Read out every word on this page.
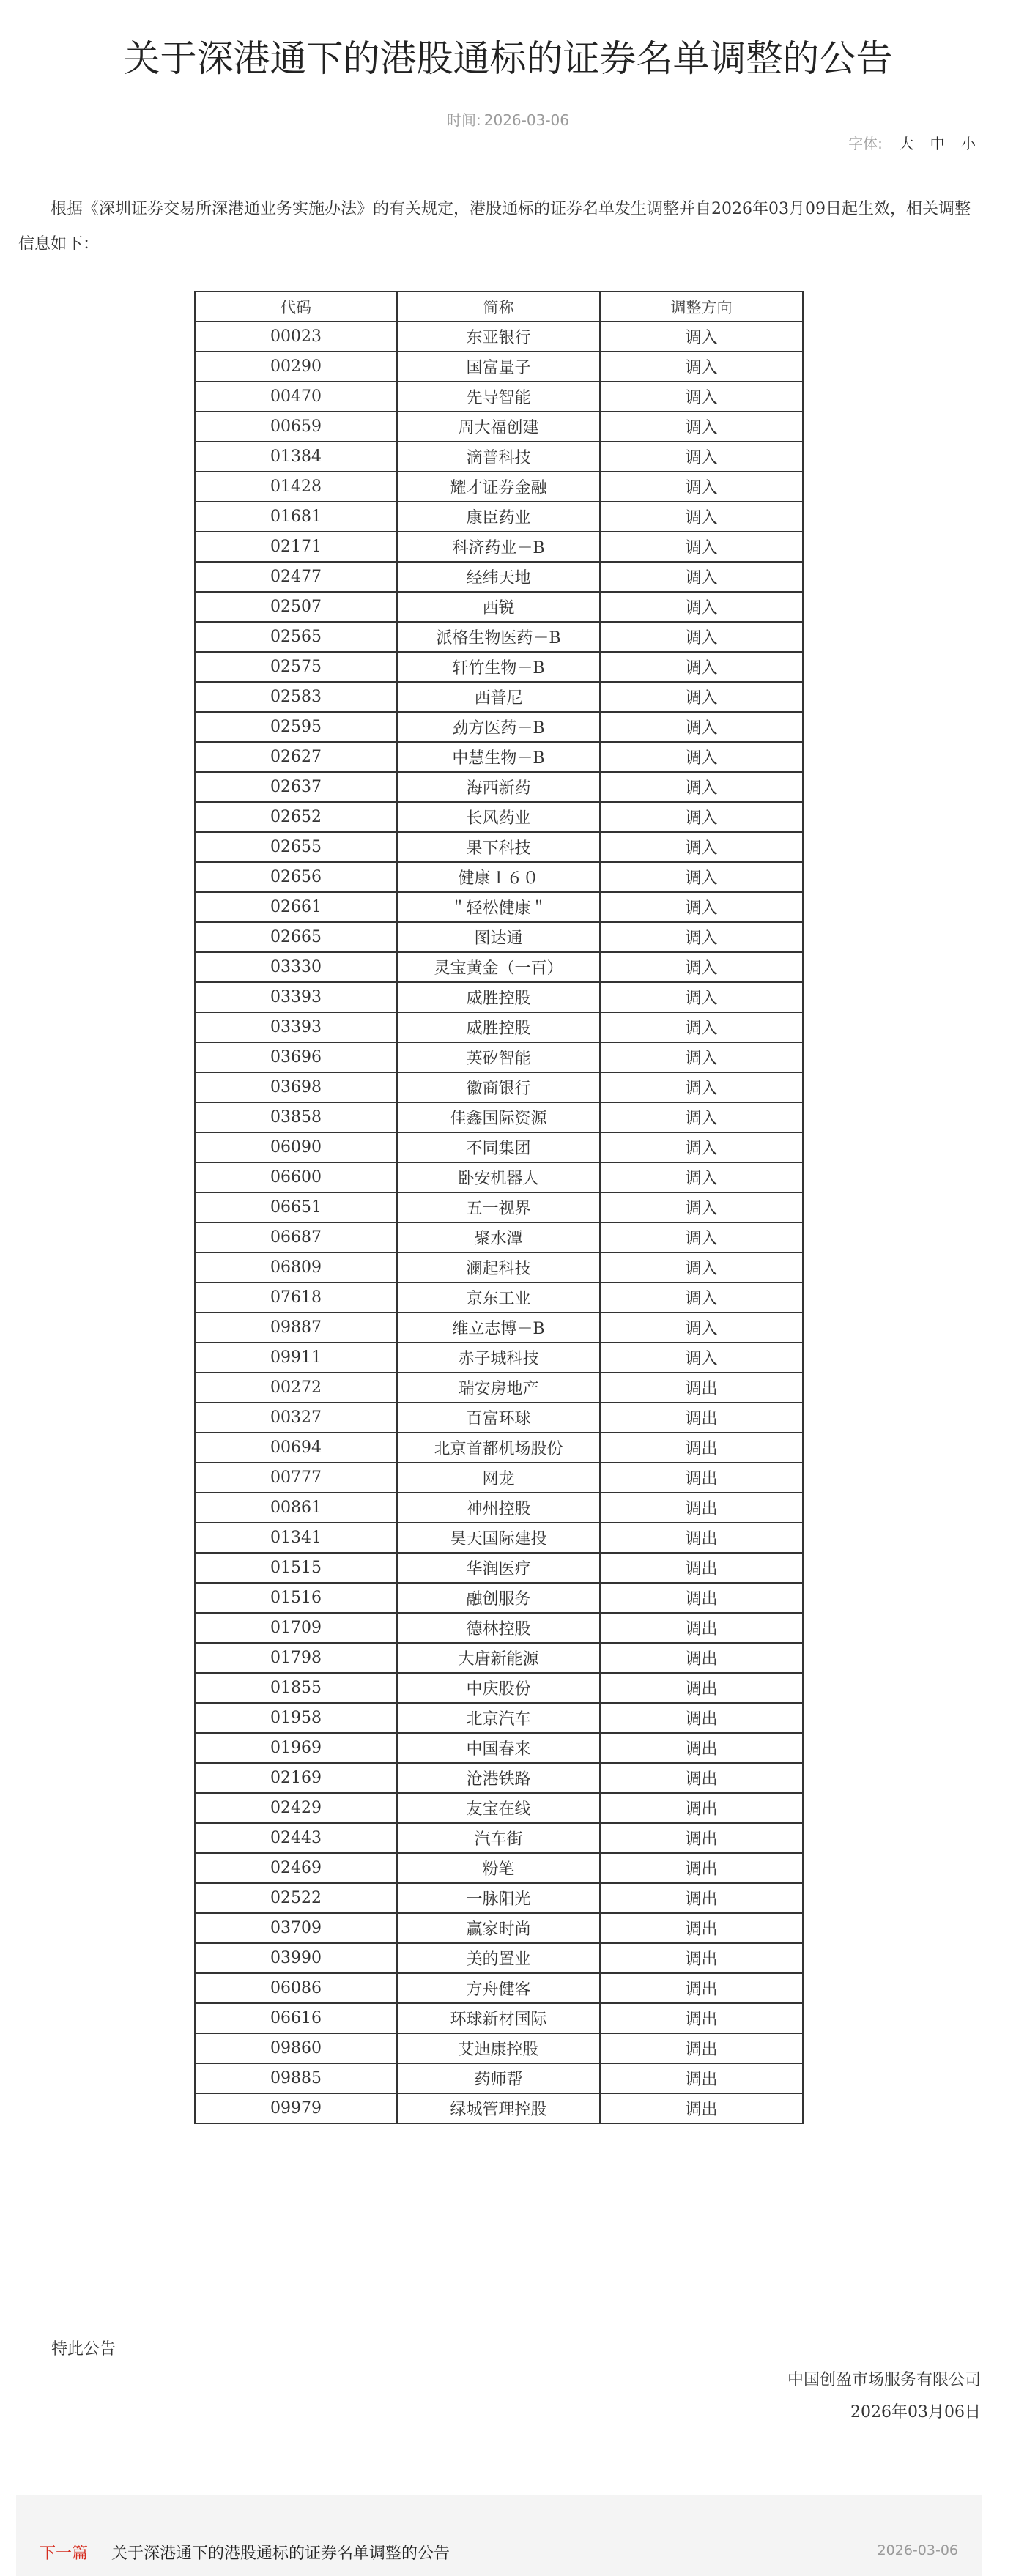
关于深港通下的港股通标的证券名单调整的公告
时间: 2026-03-06
字体: 大 中 小

根据《深圳证券交易所深港通业务实施办法》的有关规定，港股通标的证券名单发生调整并自2026年03月09日起生效，相关调整信息如下：

代码	简称	调整方向
00023	东亚银行	调入
00290	国富量子	调入
00470	先导智能	调入
00659	周大福创建	调入
01384	滴普科技	调入
01428	耀才证券金融	调入
01681	康臣药业	调入
02171	科济药业－B	调入
02477	经纬天地	调入
02507	西锐	调入
02565	派格生物医药－B	调入
02575	轩竹生物－B	调入
02583	西普尼	调入
02595	劲方医药－B	调入
02627	中慧生物－B	调入
02637	海西新药	调入
02652	长风药业	调入
02655	果下科技	调入
02656	健康１６０	调入
02661	＂轻松健康＂	调入
02665	图达通	调入
03330	灵宝黄金（一百）	调入
03393	威胜控股	调入
03393	威胜控股	调入
03696	英矽智能	调入
03698	徽商银行	调入
03858	佳鑫国际资源	调入
06090	不同集团	调入
06600	卧安机器人	调入
06651	五一视界	调入
06687	聚水潭	调入
06809	澜起科技	调入
07618	京东工业	调入
09887	维立志博－B	调入
09911	赤子城科技	调入
00272	瑞安房地产	调出
00327	百富环球	调出
00694	北京首都机场股份	调出
00777	网龙	调出
00861	神州控股	调出
01341	昊天国际建投	调出
01515	华润医疗	调出
01516	融创服务	调出
01709	德林控股	调出
01798	大唐新能源	调出
01855	中庆股份	调出
01958	北京汽车	调出
01969	中国春来	调出
02169	沧港铁路	调出
02429	友宝在线	调出
02443	汽车街	调出
02469	粉笔	调出
02522	一脉阳光	调出
03709	赢家时尚	调出
03990	美的置业	调出
06086	方舟健客	调出
06616	环球新材国际	调出
09860	艾迪康控股	调出
09885	药师帮	调出
09979	绿城管理控股	调出

特此公告

中国创盈市场服务有限公司
2026年03月06日
下一篇 关于深港通下的港股通标的证券名单调整的公告	2026-03-06
